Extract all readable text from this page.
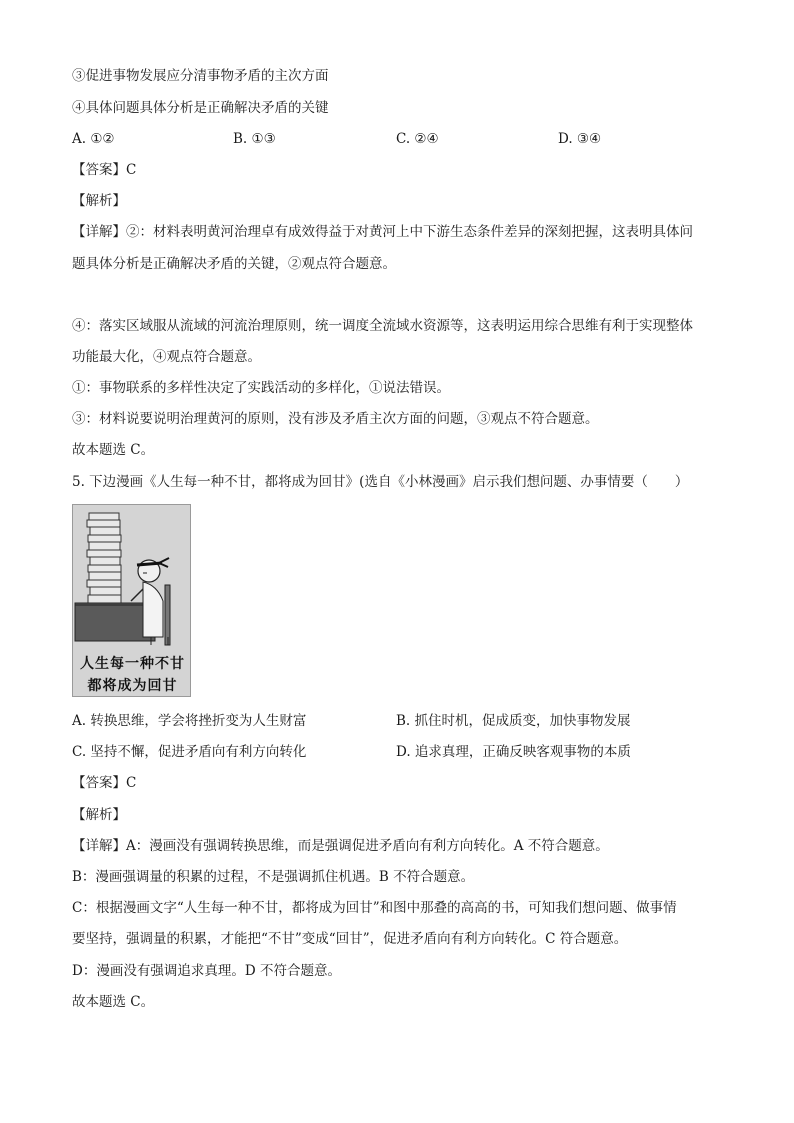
③促进事物发展应分清事物矛盾的主次方面
④具体问题具体分析是正确解决矛盾的关键
A. ①②	B. ①③	C. ②④	D. ③④
【答案】C
【解析】
【详解】②：材料表明黄河治理卓有成效得益于对黄河上中下游生态条件差异的深刻把握，这表明具体问
题具体分析是正确解决矛盾的关键，②观点符合题意。
④：落实区域服从流域的河流治理原则，统一调度全流域水资源等，这表明运用综合思维有利于实现整体
功能最大化，④观点符合题意。
①：事物联系的多样性决定了实践活动的多样化，①说法错误。
③：材料说要说明治理黄河的原则，没有涉及矛盾主次方面的问题，③观点不符合题意。
故本题选 C。
5. 下边漫画《人生每一种不甘，都将成为回甘》(选自《小林漫画》启示我们想问题、办事情要（　　）
人生每一种不甘
都将成为回甘
A. 转换思维，学会将挫折变为人生财富	B. 抓住时机，促成质变，加快事物发展
C. 坚持不懈，促进矛盾向有利方向转化	D. 追求真理，正确反映客观事物的本质
【答案】C
【解析】
【详解】A：漫画没有强调转换思维，而是强调促进矛盾向有利方向转化。A 不符合题意。
B：漫画强调量的积累的过程，不是强调抓住机遇。B 不符合题意。
C：根据漫画文字“人生每一种不甘，都将成为回甘”和图中那叠的高高的书，可知我们想问题、做事情
要坚持，强调量的积累，才能把“不甘”变成“回甘”，促进矛盾向有利方向转化。C 符合题意。
D：漫画没有强调追求真理。D 不符合题意。
故本题选 C。
